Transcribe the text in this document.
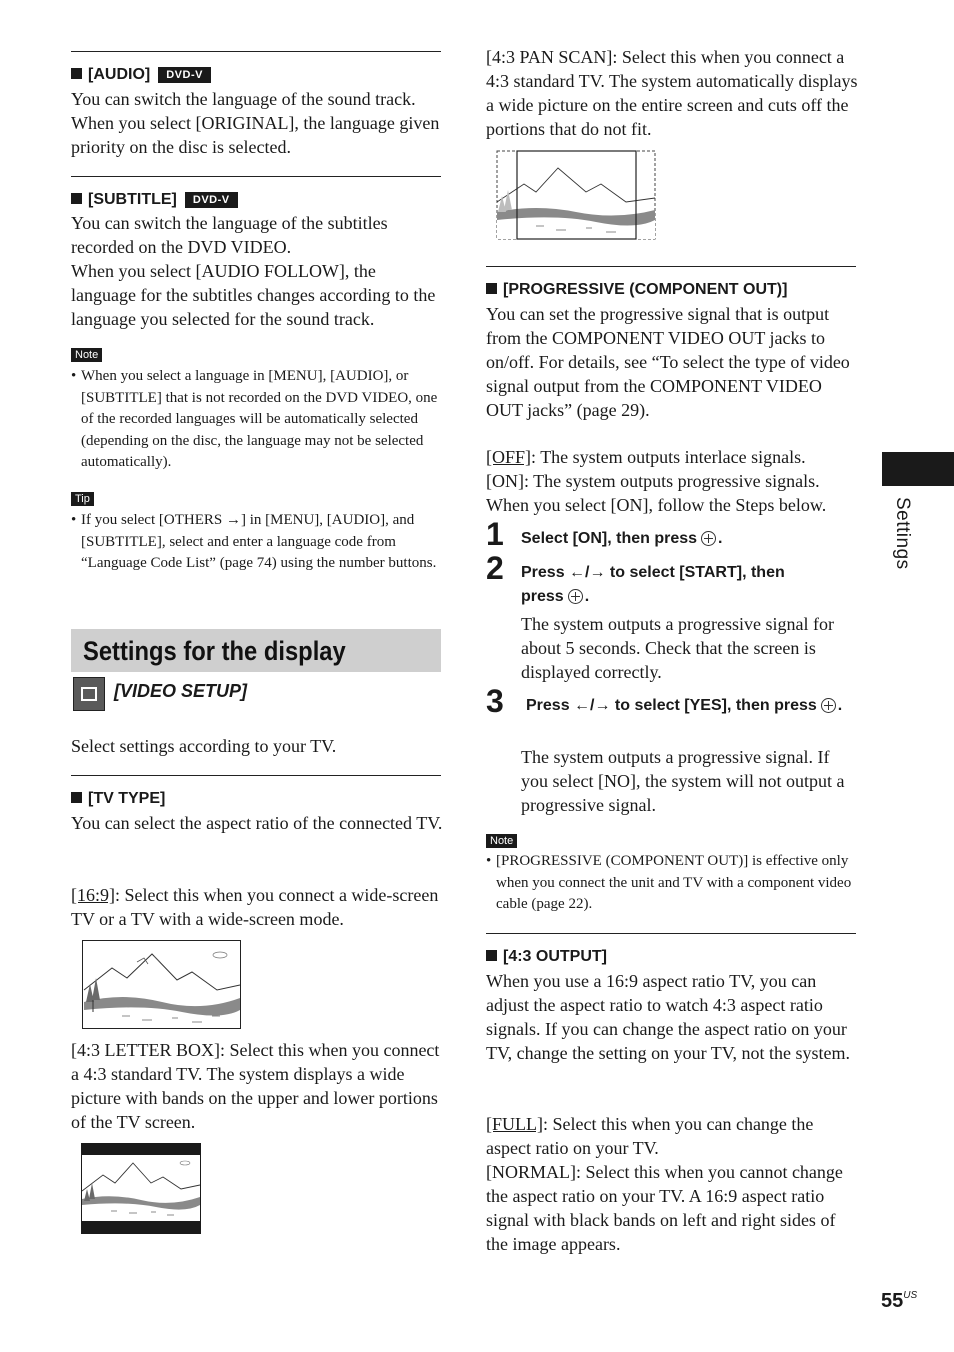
[AUDIO] DVD-V
You can switch the language of the sound track. When you select [ORIGINAL], the language given priority on the disc is selected.
[SUBTITLE] DVD-V
You can switch the language of the subtitles recorded on the DVD VIDEO.
When you select [AUDIO FOLLOW], the language for the subtitles changes according to the language you selected for the sound track.
Note
• When you select a language in [MENU], [AUDIO], or [SUBTITLE] that is not recorded on the DVD VIDEO, one of the recorded languages will be automatically selected (depending on the disc, the language may not be selected automatically).
Tip
• If you select [OTHERS →] in [MENU], [AUDIO], and [SUBTITLE], select and enter a language code from “Language Code List” (page 74) using the number buttons.
Settings for the display
[VIDEO SETUP]
Select settings according to your TV.
[TV TYPE]
You can select the aspect ratio of the connected TV.
[16:9]: Select this when you connect a wide-screen TV or a TV with a wide-screen mode.
[4:3 LETTER BOX]: Select this when you connect a 4:3 standard TV. The system displays a wide picture with bands on the upper and lower portions of the TV screen.
[4:3 PAN SCAN]: Select this when you connect a 4:3 standard TV. The system automatically displays a wide picture on the entire screen and cuts off the portions that do not fit.
[PROGRESSIVE (COMPONENT OUT)]
You can set the progressive signal that is output from the COMPONENT VIDEO OUT jacks to on/off. For details, see “To select the type of video signal output from the COMPONENT VIDEO OUT jacks” (page 29).
[OFF]: The system outputs interlace signals.
[ON]: The system outputs progressive signals. When you select [ON], follow the Steps below.
1 Select [ON], then press .
2 Press ←/→ to select [START], then press .
The system outputs a progressive signal for about 5 seconds. Check that the screen is displayed correctly.
3 Press ←/→ to select [YES], then press .
The system outputs a progressive signal. If you select [NO], the system will not output a progressive signal.
Note
• [PROGRESSIVE (COMPONENT OUT)] is effective only when you connect the unit and TV with a component video cable (page 22).
[4:3 OUTPUT]
When you use a 16:9 aspect ratio TV, you can adjust the aspect ratio to watch 4:3 aspect ratio signals. If you can change the aspect ratio on your TV, change the setting on your TV, not the system.
[FULL]: Select this when you can change the aspect ratio on your TV.
[NORMAL]: Select this when you cannot change the aspect ratio on your TV. A 16:9 aspect ratio signal with black bands on left and right sides of the image appears.
Settings
$55^{US}$
